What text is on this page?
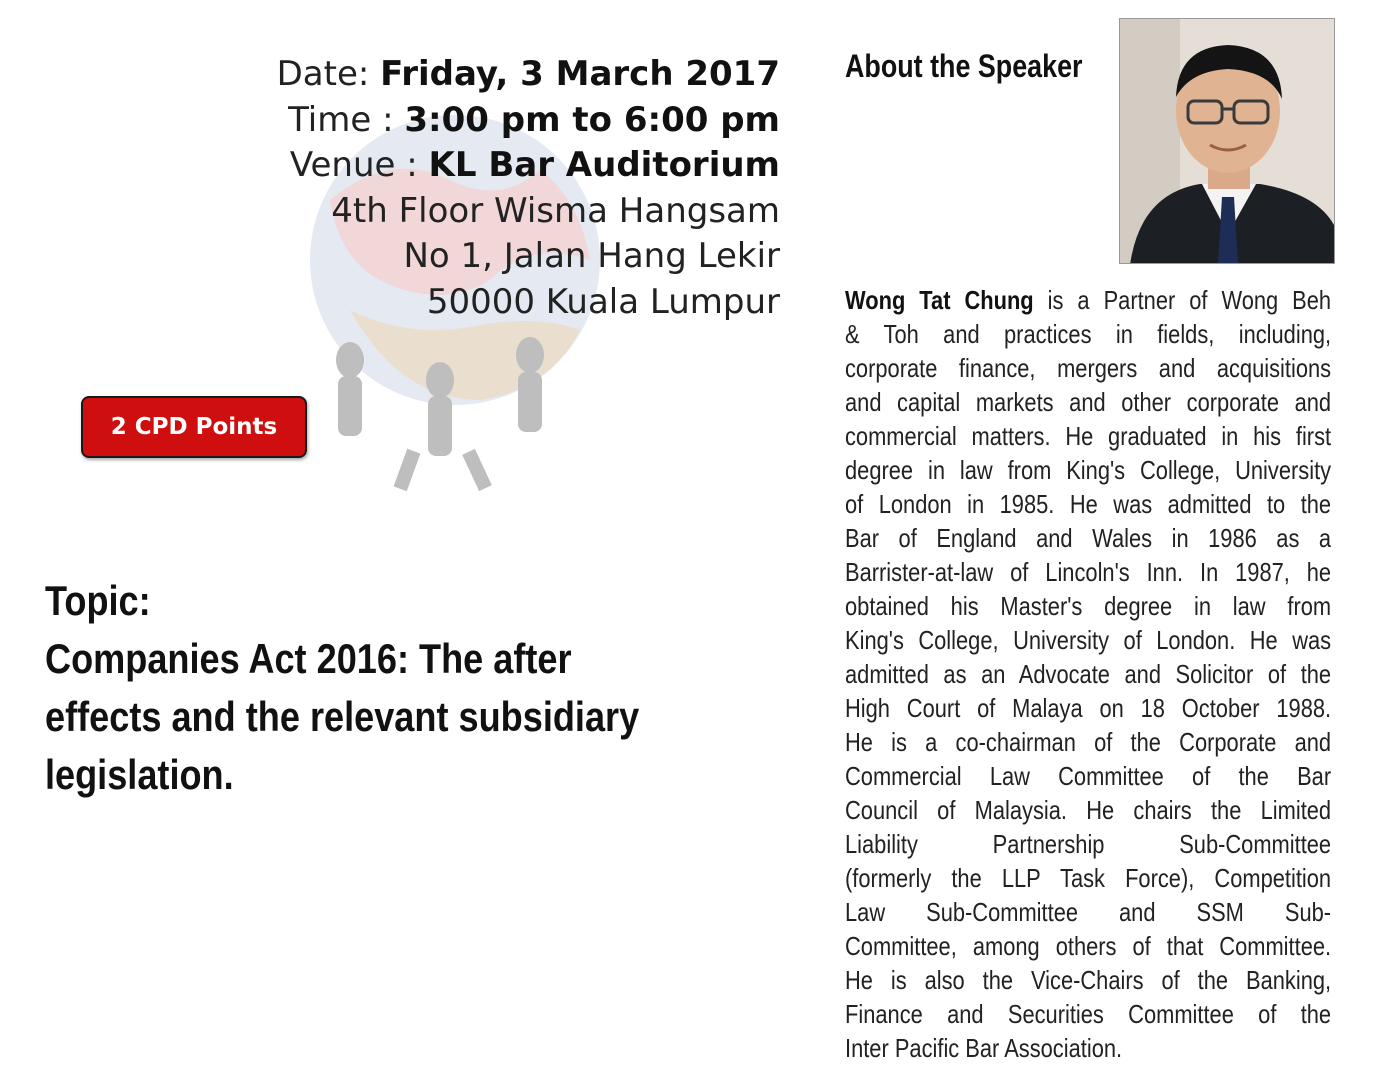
Date: Friday, 3 March 2017
Time : 3:00 pm to 6:00 pm
Venue : KL Bar Auditorium
4th Floor Wisma Hangsam
No 1, Jalan Hang Lekir
50000 Kuala Lumpur
2 CPD Points
Topic:
Companies Act 2016: The after
effects and the relevant subsidiary
legislation.
About the Speaker
Wong Tat Chung is a Partner of Wong Beh
& Toh and practices in fields, including,
corporate finance, mergers and acquisitions
and capital markets and other corporate and
commercial matters. He graduated in his first
degree in law from King's College, University
of London in 1985. He was admitted to the
Bar of England and Wales in 1986 as a
Barrister-at-law of Lincoln's Inn. In 1987, he
obtained his Master's degree in law from
King's College, University of London. He was
admitted as an Advocate and Solicitor of the
High Court of Malaya on 18 October 1988.
He is a co-chairman of the Corporate and
Commercial Law Committee of the Bar
Council of Malaysia. He chairs the Limited
Liability Partnership Sub-Committee
(formerly the LLP Task Force), Competition
Law Sub-Committee and SSM Sub-
Committee, among others of that Committee.
He is also the Vice-Chairs of the Banking,
Finance and Securities Committee of the
Inter Pacific Bar Association.
